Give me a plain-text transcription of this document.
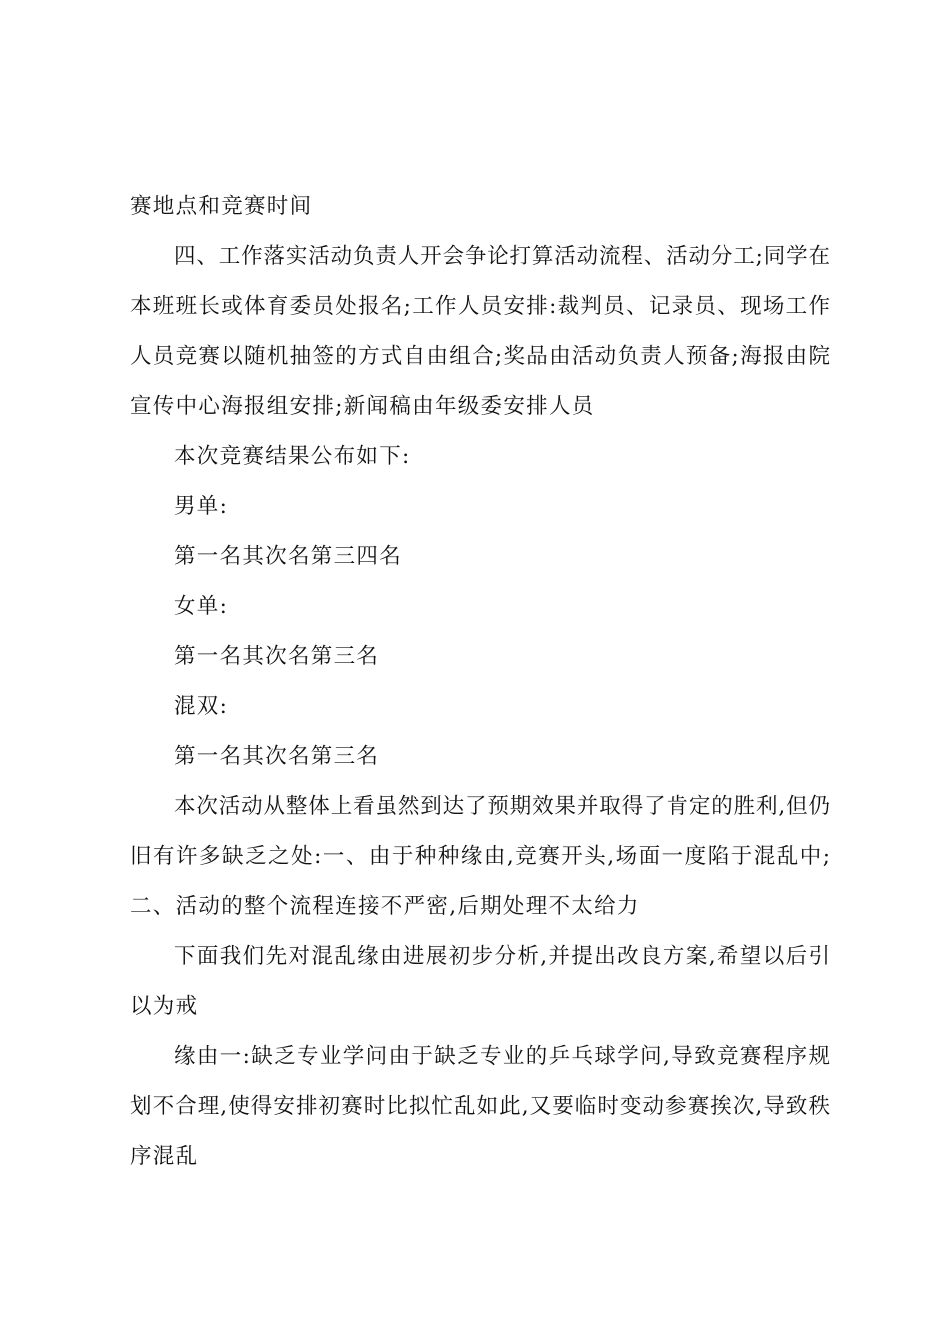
赛地点和竞赛时间
四、工作落实活动负责人开会争论打算活动流程、活动分工;同学在
本班班长或体育委员处报名;工作人员安排:裁判员、记录员、现场工作
人员竞赛以随机抽签的方式自由组合;奖品由活动负责人预备;海报由院
宣传中心海报组安排;新闻稿由年级委安排人员
本次竞赛结果公布如下:
男单:
第一名其次名第三四名
女单:
第一名其次名第三名
混双:
第一名其次名第三名
本次活动从整体上看虽然到达了预期效果并取得了肯定的胜利,但仍
旧有许多缺乏之处:一、由于种种缘由,竞赛开头,场面一度陷于混乱中;
二、活动的整个流程连接不严密,后期处理不太给力
下面我们先对混乱缘由进展初步分析,并提出改良方案,希望以后引
以为戒
缘由一:缺乏专业学问由于缺乏专业的乒乓球学问,导致竞赛程序规
划不合理,使得安排初赛时比拟忙乱如此,又要临时变动参赛挨次,导致秩
序混乱
